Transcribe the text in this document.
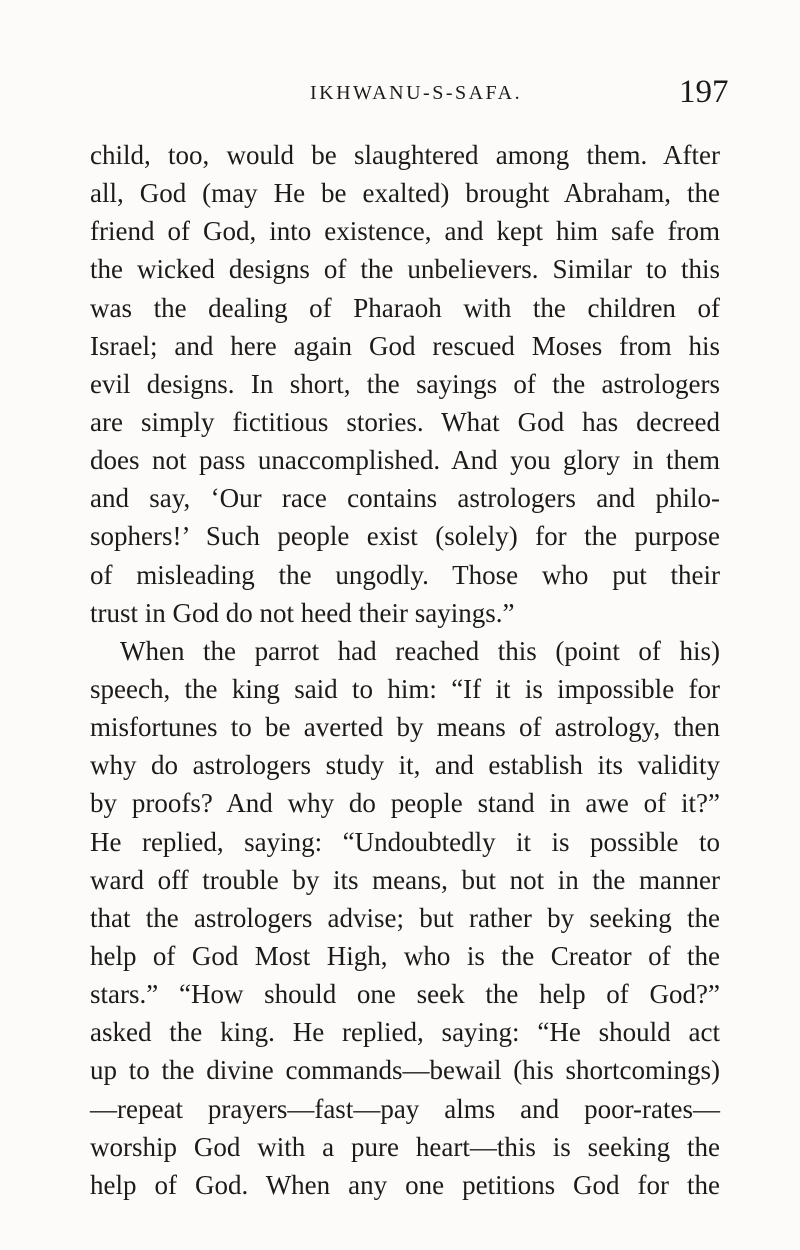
IKHWANU-S-SAFA.	197
child, too, would be slaughtered among them. After
all, God (may He be exalted) brought Abraham, the
friend of God, into existence, and kept him safe from
the wicked designs of the unbelievers. Similar to this
was the dealing of Pharaoh with the children of
Israel; and here again God rescued Moses from his
evil designs. In short, the sayings of the astrologers
are simply fictitious stories. What God has decreed
does not pass unaccomplished. And you glory in them
and say, ‘Our race contains astrologers and philo-
sophers!’ Such people exist (solely) for the purpose
of misleading the ungodly. Those who put their
trust in God do not heed their sayings.”
When the parrot had reached this (point of his)
speech, the king said to him: “If it is impossible for
misfortunes to be averted by means of astrology, then
why do astrologers study it, and establish its validity
by proofs? And why do people stand in awe of it?”
He replied, saying: “Undoubtedly it is possible to
ward off trouble by its means, but not in the manner
that the astrologers advise; but rather by seeking the
help of God Most High, who is the Creator of the
stars.” “How should one seek the help of God?”
asked the king. He replied, saying: “He should act
up to the divine commands—bewail (his shortcomings)
—repeat prayers—fast—pay alms and poor-rates—
worship God with a pure heart—this is seeking the
help of God. When any one petitions God for the
